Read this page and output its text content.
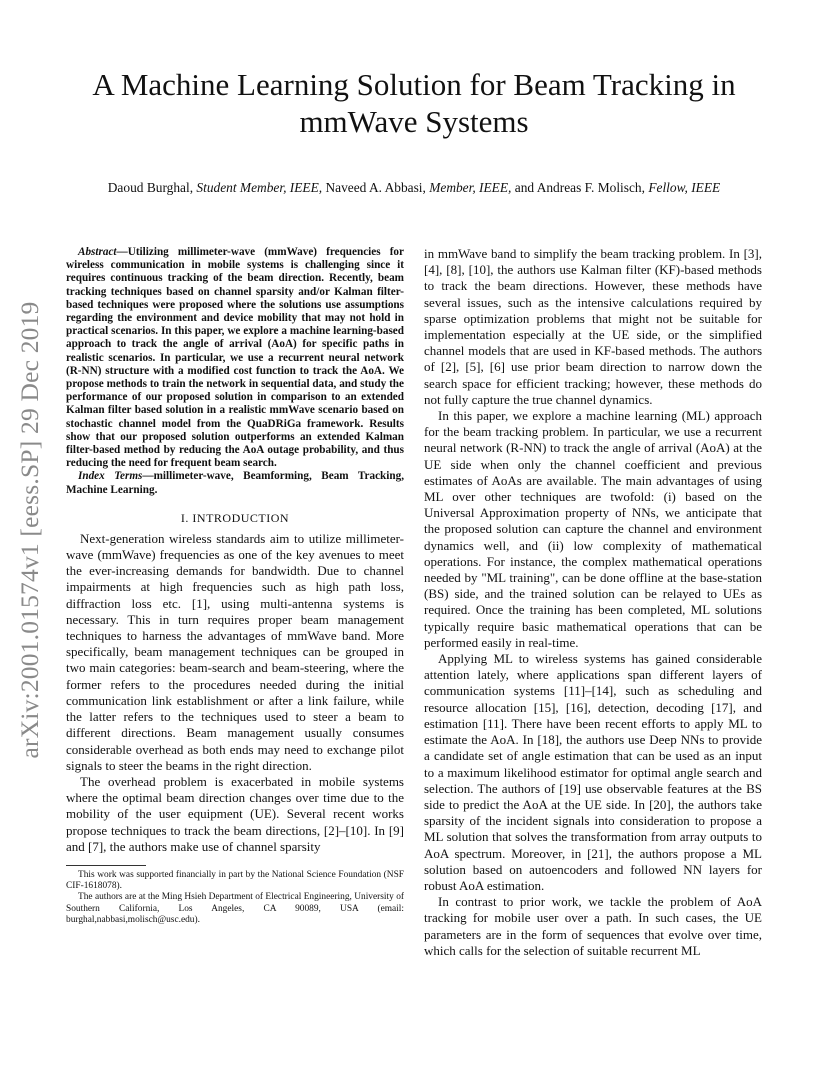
arXiv:2001.01574v1 [eess.SP] 29 Dec 2019
A Machine Learning Solution for Beam Tracking in mmWave Systems
Daoud Burghal, Student Member, IEEE, Naveed A. Abbasi, Member, IEEE, and Andreas F. Molisch, Fellow, IEEE

Abstract—Utilizing millimeter-wave (mmWave) frequencies for wireless communication in mobile systems is challenging since it requires continuous tracking of the beam direction. Recently, beam tracking techniques based on channel sparsity and/or Kalman filter-based techniques were proposed where the solutions use assumptions regarding the environment and device mobility that may not hold in practical scenarios. In this paper, we explore a machine learning-based approach to track the angle of arrival (AoA) for specific paths in realistic scenarios. In particular, we use a recurrent neural network (R-NN) structure with a modified cost function to track the AoA. We propose methods to train the network in sequential data, and study the performance of our proposed solution in comparison to an extended Kalman filter based solution in a realistic mmWave scenario based on stochastic channel model from the QuaDRiGa framework. Results show that our proposed solution outperforms an extended Kalman filter-based method by reducing the AoA outage probability, and thus reducing the need for frequent beam search.

Index Terms—millimeter-wave, Beamforming, Beam Tracking, Machine Learning.

I. INTRODUCTION

Next-generation wireless standards aim to utilize millimeter-wave (mmWave) frequencies as one of the key avenues to meet the ever-increasing demands for bandwidth. Due to channel impairments at high frequencies such as high path loss, diffraction loss etc. [1], using multi-antenna systems is necessary. This in turn requires proper beam management techniques to harness the advantages of mmWave band. More specifically, beam management techniques can be grouped in two main categories: beam-search and beam-steering, where the former refers to the procedures needed during the initial communication link establishment or after a link failure, while the latter refers to the techniques used to steer a beam to different directions. Beam management usually consumes considerable overhead as both ends may need to exchange pilot signals to steer the beams in the right direction.

The overhead problem is exacerbated in mobile systems where the optimal beam direction changes over time due to the mobility of the user equipment (UE). Several recent works propose techniques to track the beam directions, [2]–[10]. In [9] and [7], the authors make use of channel sparsity

This work was supported financially in part by the National Science Foundation (NSF CIF-1618078).

The authors are at the Ming Hsieh Department of Electrical Engineering, University of Southern California, Los Angeles, CA 90089, USA (email: burghal,nabbasi,molisch@usc.edu).

in mmWave band to simplify the beam tracking problem. In [3], [4], [8], [10], the authors use Kalman filter (KF)-based methods to track the beam directions. However, these methods have several issues, such as the intensive calculations required by sparse optimization problems that might not be suitable for implementation especially at the UE side, or the simplified channel models that are used in KF-based methods. The authors of [2], [5], [6] use prior beam direction to narrow down the search space for efficient tracking; however, these methods do not fully capture the true channel dynamics.

In this paper, we explore a machine learning (ML) approach for the beam tracking problem. In particular, we use a recurrent neural network (R-NN) to track the angle of arrival (AoA) at the UE side when only the channel coefficient and previous estimates of AoAs are available. The main advantages of using ML over other techniques are twofold: (i) based on the Universal Approximation property of NNs, we anticipate that the proposed solution can capture the channel and environment dynamics well, and (ii) low complexity of mathematical operations. For instance, the complex mathematical operations needed by "ML training", can be done offline at the base-station (BS) side, and the trained solution can be relayed to UEs as required. Once the training has been completed, ML solutions typically require basic mathematical operations that can be performed easily in real-time.

Applying ML to wireless systems has gained considerable attention lately, where applications span different layers of communication systems [11]–[14], such as scheduling and resource allocation [15], [16], detection, decoding [17], and estimation [11]. There have been recent efforts to apply ML to estimate the AoA. In [18], the authors use Deep NNs to provide a candidate set of angle estimation that can be used as an input to a maximum likelihood estimator for optimal angle search and selection. The authors of [19] use observable features at the BS side to predict the AoA at the UE side. In [20], the authors take sparsity of the incident signals into consideration to propose a ML solution that solves the transformation from array outputs to AoA spectrum. Moreover, in [21], the authors propose a ML solution based on autoencoders and followed NN layers for robust AoA estimation.

In contrast to prior work, we tackle the problem of AoA tracking for mobile user over a path. In such cases, the UE parameters are in the form of sequences that evolve over time, which calls for the selection of suitable recurrent ML
